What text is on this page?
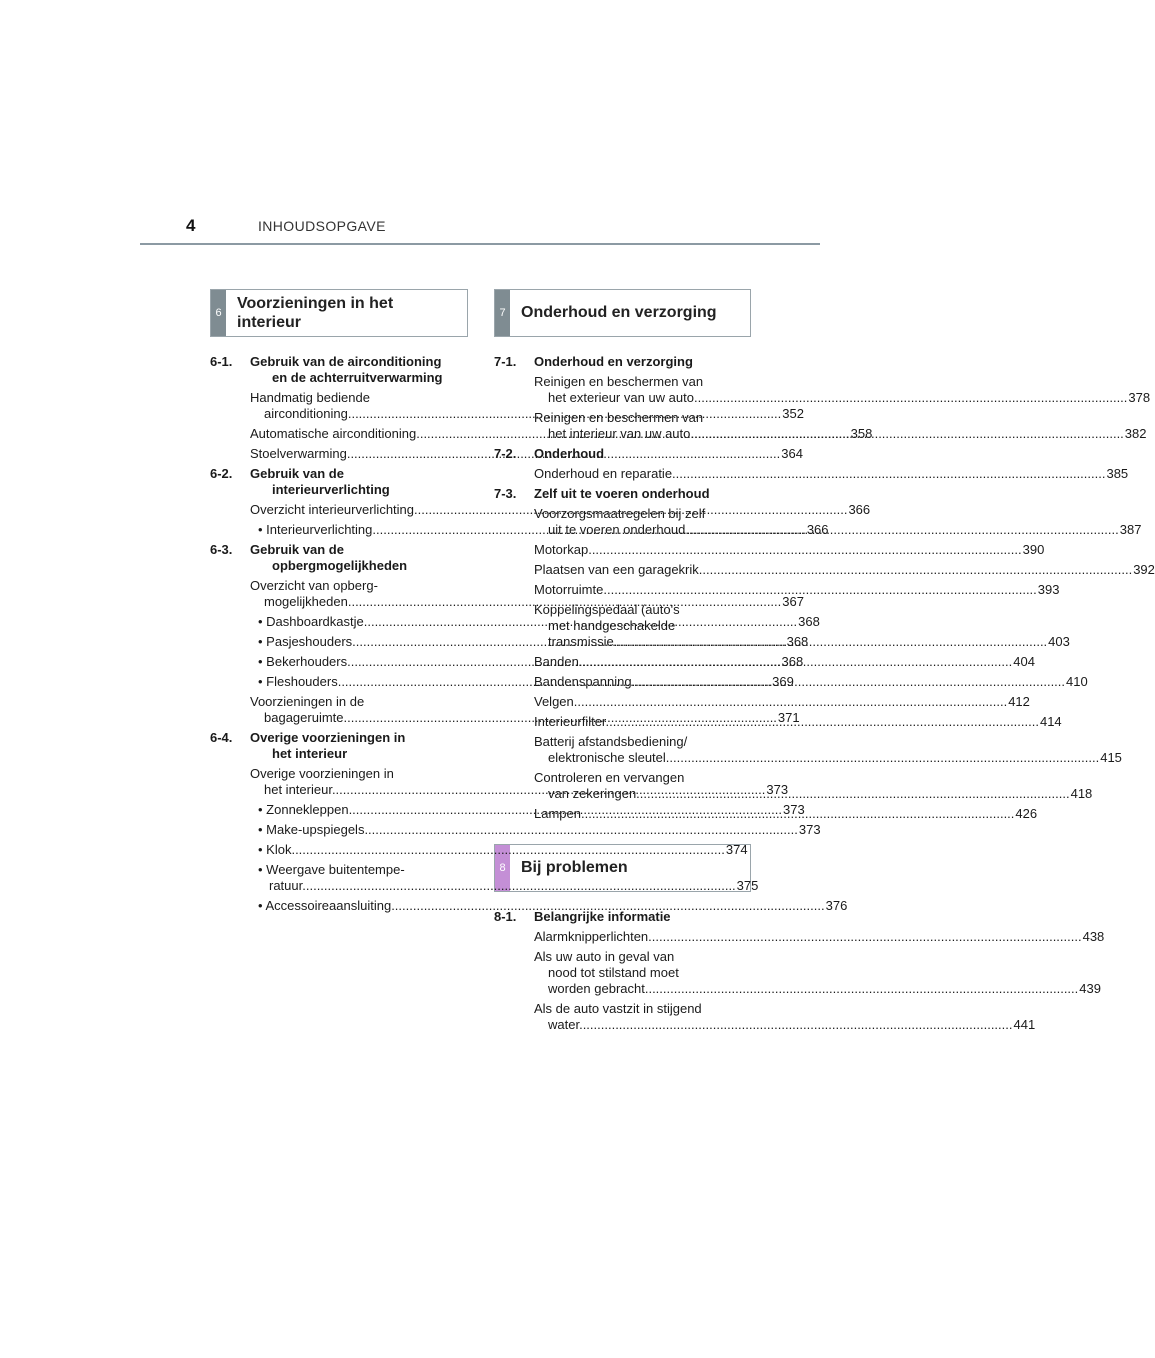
4	INHOUDSOPGAVE
6
Voorzieningen in het
interieur
7 Onderhoud en verzorging
8 Bij problemen
6-1.	Gebruik van de airconditioning
en de achterruitverwarming
Handmatig bediende
airconditioning .....	352
Automatische airconditioning .....	358
Stoelverwarming .....	364
6-2.	Gebruik van de
interieurverlichting
Overzicht interieurverlichting .....	366
• Interieurverlichting .....	366
6-3.	Gebruik van de
opbergmogelijkheden
Overzicht van opberg-
mogelijkheden .....	367
• Dashboardkastje .....	368
• Pasjeshouders .....	368
• Bekerhouders .....	368
• Fleshouders .....	369
Voorzieningen in de
bagageruimte .....	371
6-4.	Overige voorzieningen in
het interieur
Overige voorzieningen in
het interieur .....	373
• Zonnekleppen .....	373
• Make-upspiegels .....	373
• Klok .....	374
• Weergave buitentempe-
ratuur .....	375
• Accessoireaansluiting .....	376
7-1.	Onderhoud en verzorging
Reinigen en beschermen van
het exterieur van uw auto .....	378
Reinigen en beschermen van
het interieur van uw auto .....	382
7-2.	Onderhoud
Onderhoud en reparatie .....	385
7-3.	Zelf uit te voeren onderhoud
Voorzorgsmaatregelen bij zelf
uit te voeren onderhoud .....	387
Motorkap .....	390
Plaatsen van een garagekrik .....	392
Motorruimte .....	393
Koppelingspedaal (auto's
met handgeschakelde
transmissie .....	403
Banden .....	404
Bandenspanning .....	410
Velgen .....	412
Interieurfilter .....	414
Batterij afstandsbediening/
elektronische sleutel .....	415
Controleren en vervangen
van zekeringen .....	418
Lampen .....	426
8-1.	Belangrijke informatie
Alarmknipperlichten .....	438
Als uw auto in geval van
nood tot stilstand moet
worden gebracht .....	439
Als de auto vastzit in stijgend
water .....	441
